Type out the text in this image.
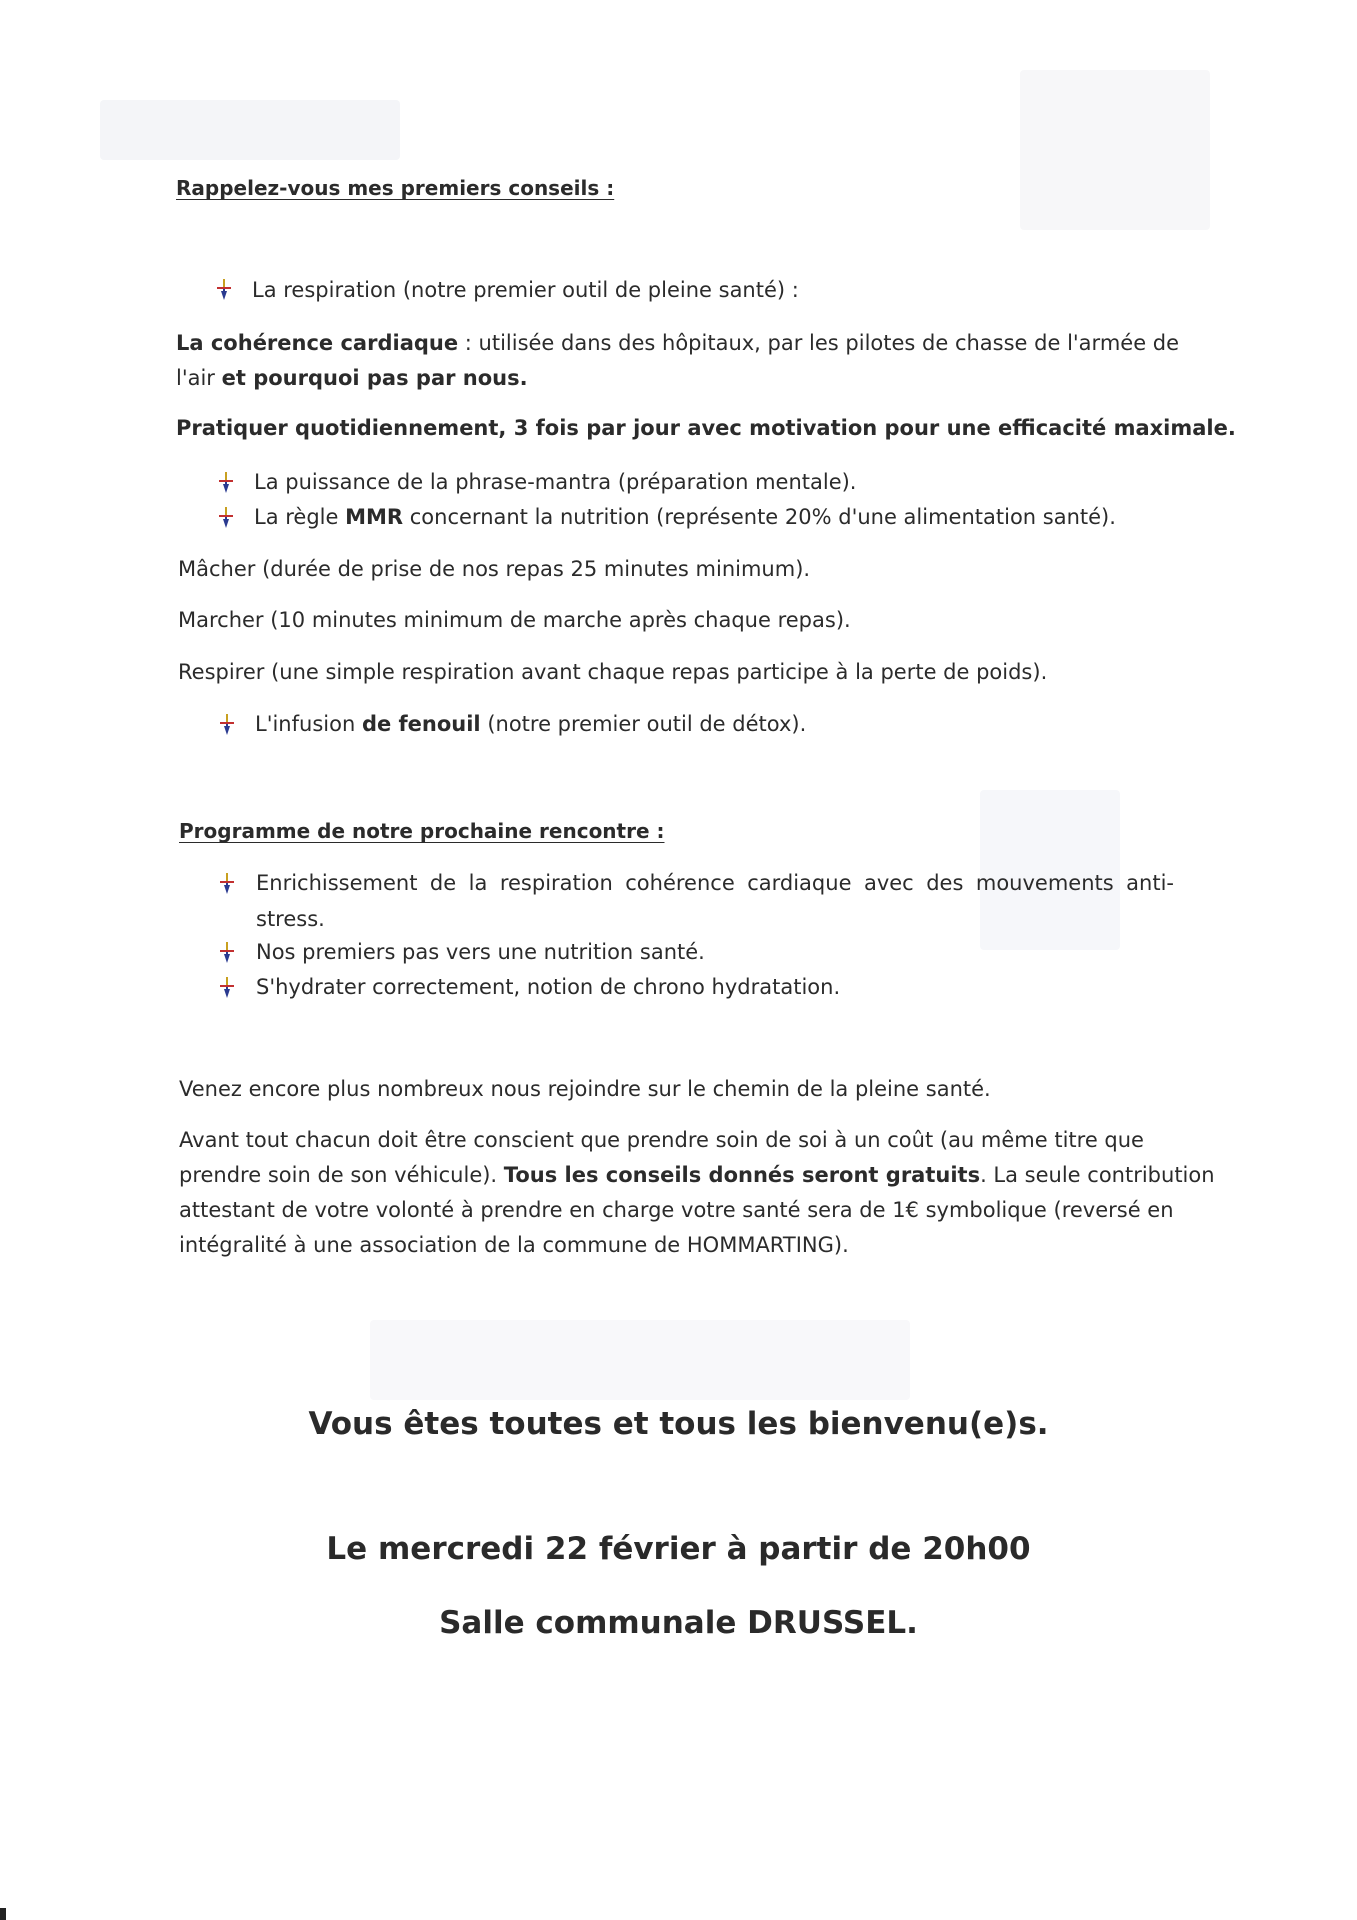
Rappelez-vous mes premiers conseils :

La respiration (notre premier outil de pleine santé) :

La cohérence cardiaque : utilisée dans des hôpitaux, par les pilotes de chasse de l'armée de

l'air et pourquoi pas par nous.

Pratiquer quotidiennement, 3 fois par jour avec motivation pour une efficacité maximale.

La puissance de la phrase-mantra (préparation mentale).

La règle MMR concernant la nutrition (représente 20% d'une alimentation santé).

Mâcher (durée de prise de nos repas 25 minutes minimum).

Marcher (10 minutes minimum de marche après chaque repas).

Respirer (une simple respiration avant chaque repas participe à la perte de poids).

L'infusion de fenouil (notre premier outil de détox).

Programme de notre prochaine rencontre :

Enrichissement de la respiration cohérence cardiaque avec des mouvements anti-stress.

Nos premiers pas vers une nutrition santé.

S'hydrater correctement, notion de chrono hydratation.

Venez encore plus nombreux nous rejoindre sur le chemin de la pleine santé.

Avant tout chacun doit être conscient que prendre soin de soi à un coût (au même titre que

prendre soin de son véhicule). Tous les conseils donnés seront gratuits. La seule contribution

attestant de votre volonté à prendre en charge votre santé sera de 1€ symbolique (reversé en

intégralité à une association de la commune de HOMMARTING).

Vous êtes toutes et tous les bienvenu(e)s.

Le mercredi 22 février à partir de 20h00

Salle communale DRUSSEL.
